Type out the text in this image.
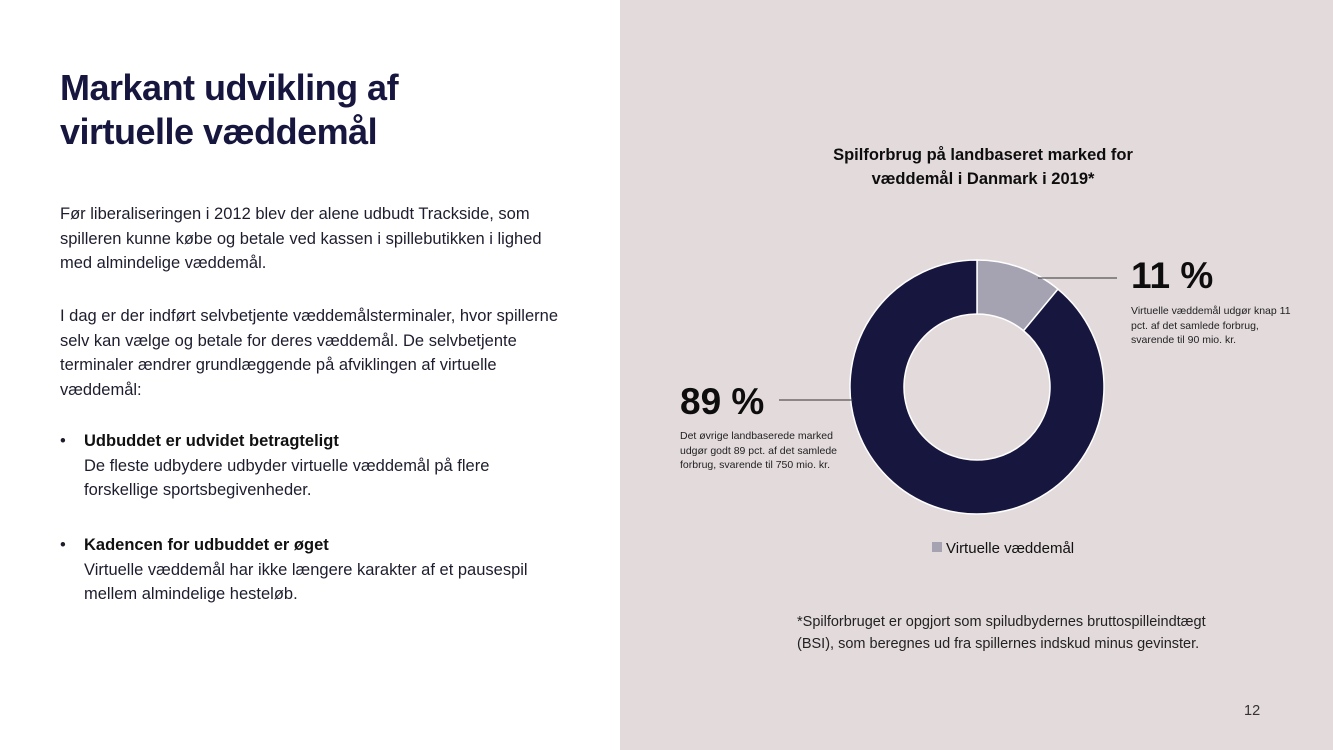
Markant udvikling af
virtuelle væddemål

Før liberaliseringen i 2012 blev der alene udbudt Trackside, som spilleren kunne købe og betale ved kassen i spillebutikken i lighed med almindelige væddemål.

I dag er der indført selvbetjente væddemålsterminaler, hvor spillerne selv kan vælge og betale for deres væddemål. De selvbetjente terminaler ændrer grundlæggende på afviklingen af virtuelle væddemål:

• Udbuddet er udvidet betragteligt
De fleste udbydere udbyder virtuelle væddemål på flere forskellige sportsbegivenheder.
• Kadencen for udbuddet er øget
Virtuelle væddemål har ikke længere karakter af et pausespil mellem almindelige hesteløb.
Spilforbrug på landbaseret marked for
væddemål i Danmark i 2019*
11 %
Virtuelle væddemål udgør knap 11 pct. af det samlede forbrug, svarende til 90 mio. kr.
89 %
Det øvrige landbaserede marked udgør godt 89 pct. af det samlede forbrug, svarende til 750 mio. kr.
Virtuelle væddemål
*Spilforbruget er opgjort som spiludbydernes bruttospilleindtægt (BSI), som beregnes ud fra spillernes indskud minus gevinster.
12
